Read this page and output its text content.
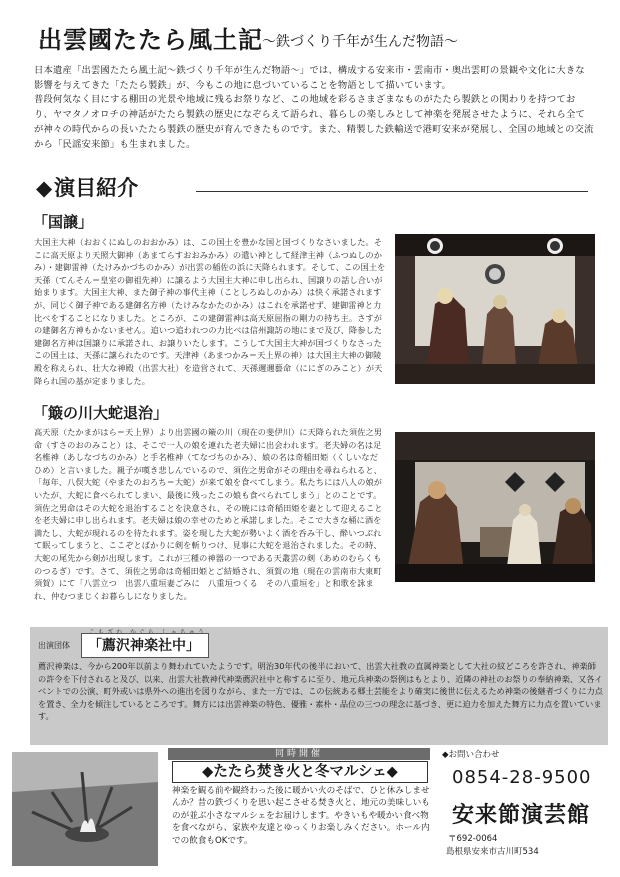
出雲國たたら風土記 〜鉄づくり千年が生んだ物語〜

日本遺産「出雲國たたら風土記〜鉄づくり千年が生んだ物語〜」では、構成する安来市・雲南市・奥出雲町の景観や文化に大きな影響を与えてきた「たたら製鉄」が、今もこの地に息づいていることを物語として描いています。

普段何気なく目にする棚田の光景や地域に残るお祭りなど、この地域を彩るさまざまなものがたたら製鉄との関わりを持つており、ヤマタノオロチの神話がたたら製鉄の歴史になぞらえて語られ、暮らしの楽しみとして神楽を発展させたように、それら全てが神々の時代からの長いたたら製鉄の歴史が育んできたものです。また、精製した鉄輸送で港町安来が発展し、全国の地域との交流から「民謡安来節」も生まれました。

◆演目紹介
「国譲」
大国主大神（おおくにぬしのおおかみ）は、この国土を豊かな国と国づくりなさいました。そこに高天原より天照大御神（あまてらすおおみかみ）の遣い神として経津主神（ふつぬしのかみ）・建御雷神（たけみかづちのかみ）が出雲の稲佐の浜に天降られます。そして、この国土を天孫（てんそん＝皇室の御祖先神）に譲るよう大国主大神に申し出られ、国譲りの話し合いが始まります。大国主大神、また御子神の事代主神（ことしろぬしのかみ）は快く承諾されますが、同じく御子神である建御名方神（たけみなかたのかみ）はこれを承諾せず、建御雷神と力比べをすることになりました。ところが、この建御雷神は高天原屈指の剛力の持ち主。さすがの建御名方神もかないません。追いつ追われつの力比べは信州諏訪の地にまで及び、降参した建御名方神は国譲りに承諾され、お譲りいたします。こうして大国主大神が国づくりなさったこの国土は、天孫に譲られたのです。天津神（あまつかみ＝天上界の神）は大国主大神の御陵殿を称えられ、壮大な神殿（出雲大社）を造営されて、天孫邇邇藝命（ににぎのみこと）が天降られ国の基が定まりました。
「簸の川大蛇退治」

高天原（たかまがはら＝天上界）より出雲國の簸の川（現在の斐伊川）に天降られた須佐之男命（すさのおのみこと）は、そこで一人の娘を連れた老夫婦に出会われます。老夫婦の名は足名椎神（あしなづちのかみ）と手名椎神（てなづちのかみ）、娘の名は奇稲田姫（くしいなだひめ）と言いました。親子が嘆き悲しんでいるので、須佐之男命がその理由を尋ねられると、「毎年、八俣大蛇（やまたのおろち＝大蛇）が来て娘を食べてしまう。私たちには八人の娘がいたが、大蛇に食べられてしまい、最後に残ったこの娘も食べられてしまう」とのことです。須佐之男命はその大蛇を退治することを決意され、その暁には奇稲田姫を妻として迎えることを老夫婦に申し出られます。老夫婦は娘の幸せのためと承諾しました。そこで大きな桶に酒を満たし、大蛇が現れるのを待たれます。姿を現した大蛇が勢いよく酒を呑み干し、酔いつぶれて眠ってしまうと、ここぞとばかりに剣を斬りつけ、見事に大蛇を退治されました。その時、大蛇の尾先から剣が出現します。これが三種の神器の一つである天叢雲の剣（あめのむらくものつるぎ）です。さて、須佐之男命は奇稲田姫とご結婚され、須賀の地（現在の雲南市大東町須賀）にて「八雲立つ　出雲八重垣妻ごみに　八重垣つくる　その八重垣を」と和歌を詠まれ、仲むつまじくお暮らしになりました。

出演団体	「薦沢神楽社中」
薦沢神楽は、今から200年以前より舞われていたようです。明治30年代の後半において、出雲大社教の直属神楽として大社の紋どころを許され、神楽師の許令を下付されると及び、以来、出雲大社教神代神楽薦沢社中と称するに至り、地元兵神楽の祭例はもとより、近隣の神社のお祭りの奉納神楽、又各イベントでの公演、町外或いは県外への進出を図りながら、また一方では、この伝統ある郷土芸能をより確実に後世に伝えるため神楽の後継者づくりに力点を置き、全力を傾注しているところです。舞方には出雲神楽の特色、優雅・素朴・品位の三つの理念に基づき、更に迫力を加えた舞方に力点を置いています。
同時開催
◆たたら焚き火と冬マルシェ◆
神楽を観る前や観終わった後に暖かい火のそばで、ひと休みしませんか？昔の鉄づくりを思い起こさせる焚き火と、地元の美味しいものが並ぶ小さなマルシェをお届けします。やきいもや暖かい食べ物を食べながら、家族や友達とゆっくりお楽しみください。ホール内での飲食もOKです。
◆お問い合わせ
0854-28-9500
安来節演芸館
〒692-0064
島根県安来市古川町534
